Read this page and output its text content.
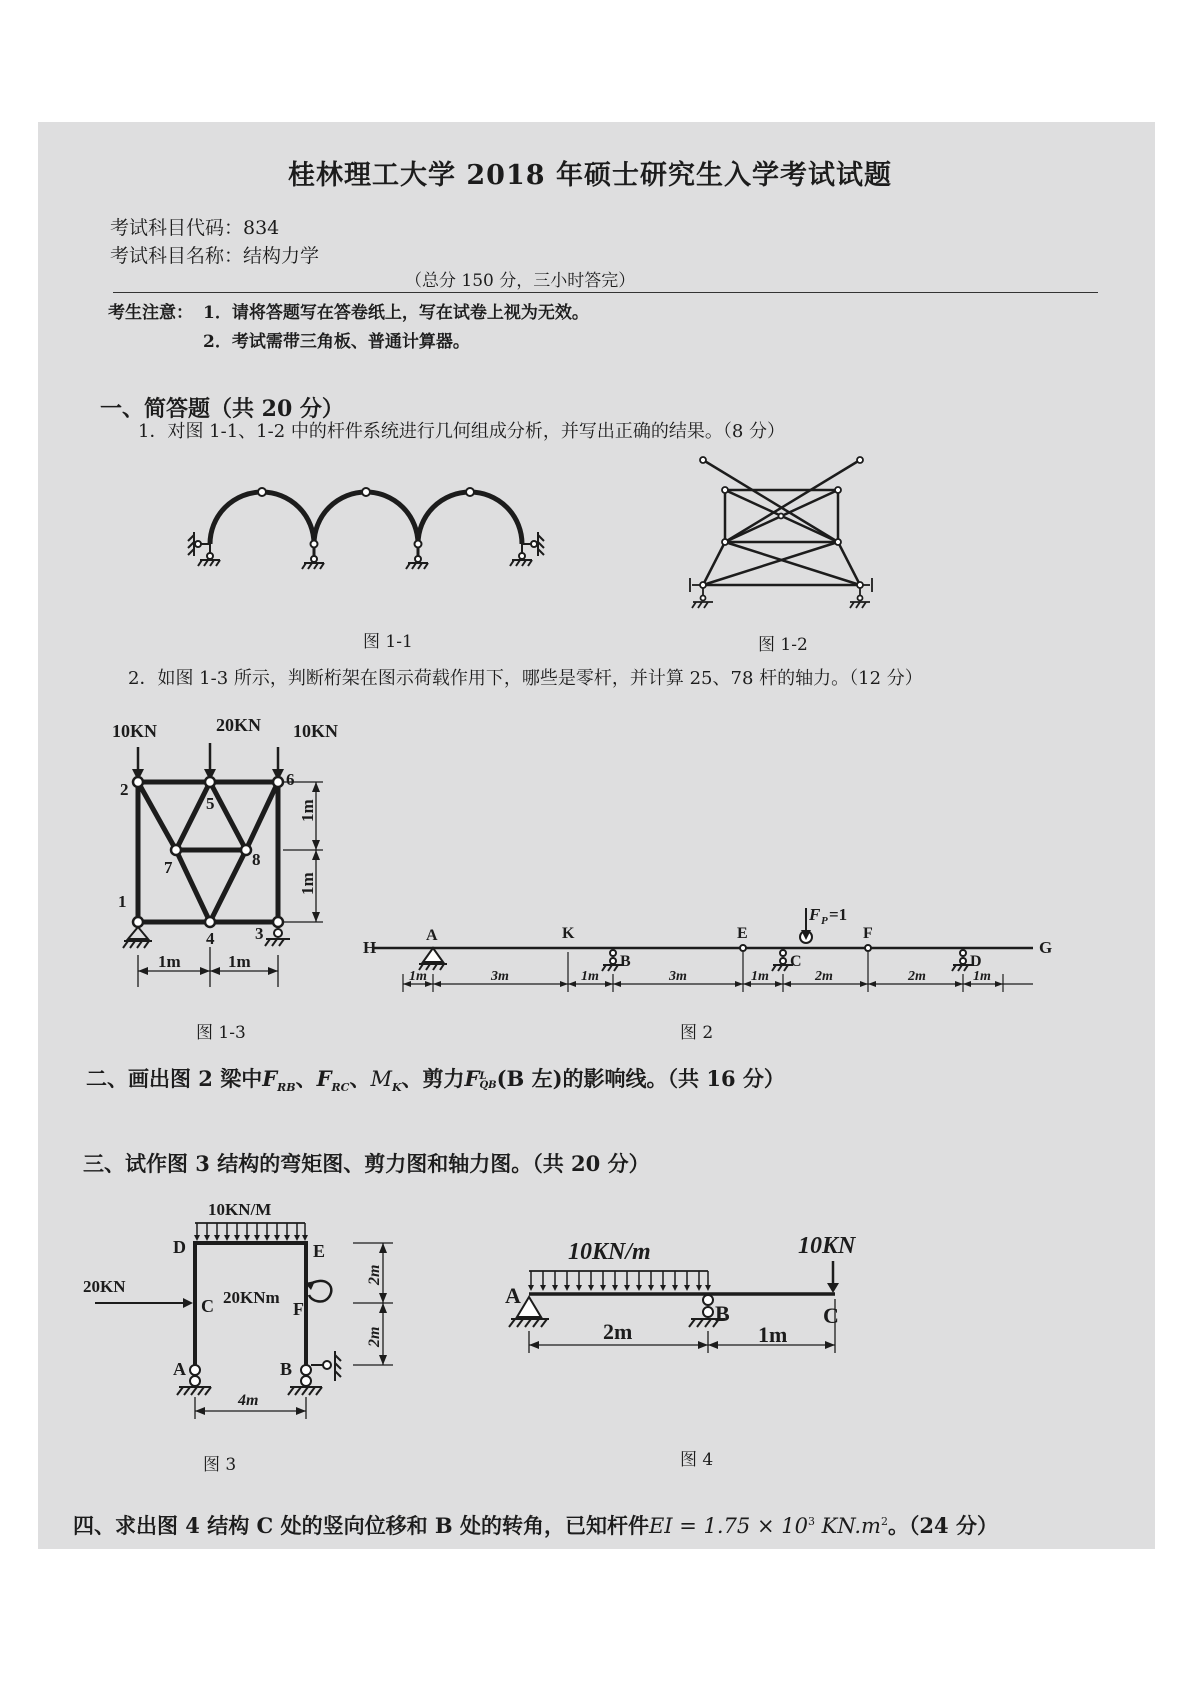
桂林理工大学 2018 年硕士研究生入学考试试题
考试科目代码：834
考试科目名称：结构力学
（总分 150 分，三小时答完）
考生注意： 1．请将答题写在答卷纸上，写在试卷上视为无效。
2．考试需带三角板、普通计算器。
一、简答题（共 20 分）
1．对图 1-1、1-2 中的杆件系统进行几何组成分析，并写出正确的结果。（8 分）
图 1-1	图 1-2
2．如图 1-3 所示，判断桁架在图示荷载作用下，哪些是零杆，并计算 25、78 杆的轴力。（12 分）
10KN	20KN 10KN
2
5
6
7	8
1
4 3
1m	1m
1m
1m
图 1-3
H	G
F P =1
A	K
B
E
C
F
D
1m	3m	1m	3m	1m	2m	2m	1m
图 2
二、画出图 2 梁中$F_{RB}$、$F_{RC}$、$M_K$、剪力F L
QB (B 左)的影响线。（共 16 分）
三、试作图 3 结构的弯矩图、剪力图和轴力图。（共 20 分）
10KN/M
D	E
20KN
C 20KNm
F
A	B
2m
2m
4m
图 3
10KN/m	10KN
A
B	C
2m	1m
图 4
四、求出图 4 结构 C 处的竖向位移和 B 处的转角，已知杆件EI = $1.75 \times 10^3$ $KN.m^2$。（24 分）
